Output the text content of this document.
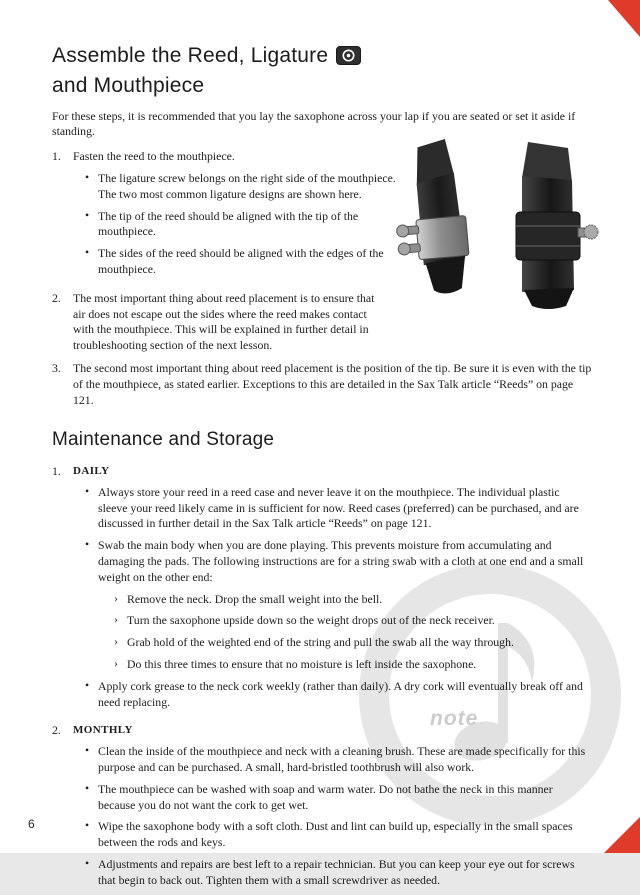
note
Assemble the Reed, Ligature
and Mouthpiece

For these steps, it is recommended that you lay the saxophone across your lap if you are seated or set it aside if standing.

1.	Fasten the reed to the mouthpiece.
• The ligature screw belongs on the right side of the mouthpiece. The two most common ligature designs are shown here.
• The tip of the reed should be aligned with the tip of the mouthpiece.
• The sides of the reed should be aligned with the edges of the mouthpiece.
2.	The most important thing about reed placement is to ensure that air does not escape out the sides where the reed makes contact with the mouthpiece. This will be explained in further detail in troubleshooting section of the next lesson.
3.	The second most important thing about reed placement is the position of the tip. Be sure it is even with the tip of the mouthpiece, as stated earlier. Exceptions to this are detailed in the Sax Talk article “Reeds” on page 121.
Maintenance and Storage
1.	DAILY
• Always store your reed in a reed case and never leave it on the mouthpiece. The individual plastic sleeve your reed likely came in is sufficient for now. Reed cases (preferred) can be purchased, and are discussed in further detail in the Sax Talk article “Reeds” on page 121.
• Swab the main body when you are done playing. This prevents moisture from accumulating and damaging the pads. The following instructions are for a string swab with a cloth at one end and a small weight on the other end:
› Remove the neck. Drop the small weight into the bell.
› Turn the saxophone upside down so the weight drops out of the neck receiver.
› Grab hold of the weighted end of the string and pull the swab all the way through.
› Do this three times to ensure that no moisture is left inside the saxophone.
• Apply cork grease to the neck cork weekly (rather than daily). A dry cork will eventually break off and need replacing.
2.	MONTHLY
• Clean the inside of the mouthpiece and neck with a cleaning brush. These are made specifically for this purpose and can be purchased. A small, hard-bristled toothbrush will also work.
• The mouthpiece can be washed with soap and warm water. Do not bathe the neck in this manner because you do not want the cork to get wet.
• Wipe the saxophone body with a soft cloth. Dust and lint can build up, especially in the small spaces between the rods and keys.
• Adjustments and repairs are best left to a repair technician. But you can keep your eye out for screws that begin to back out. Tighten them with a small screwdriver as needed.
6
